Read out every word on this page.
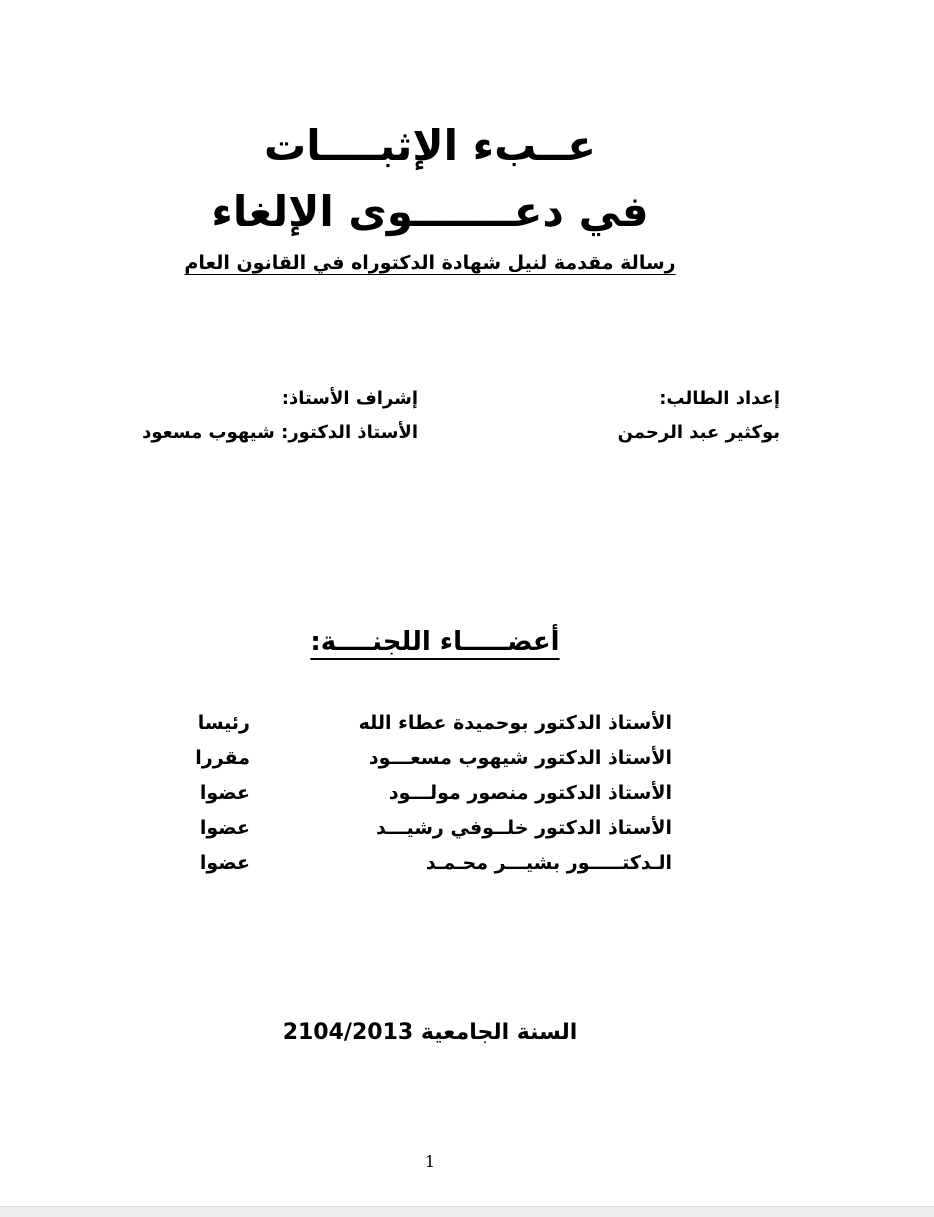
عــبء الإثبــــات
في دعـــــــوى الإلغاء
رسالة مقدمة لنيل شهادة الدكتوراه في القانون العام
إعداد الطالب:
بوكثير عبد الرحمن
إشراف الأستاذ:
الأستاذ الدكتور: شيهوب مسعود
أعضـــــاء اللجنــــة:
الأستاذ الدكتور بوحميدة عطاء الله
رئيسا
الأستاذ الدكتور شيهوب مسعـــود
مقررا
الأستاذ الدكتور منصور مولـــود
عضوا
الأستاذ الدكتور خلــوفي رشيـــد
عضوا
الـدكتـــــور بشيـــر محـمـد
عضوا
السنة الجامعية 2104/2013
1
